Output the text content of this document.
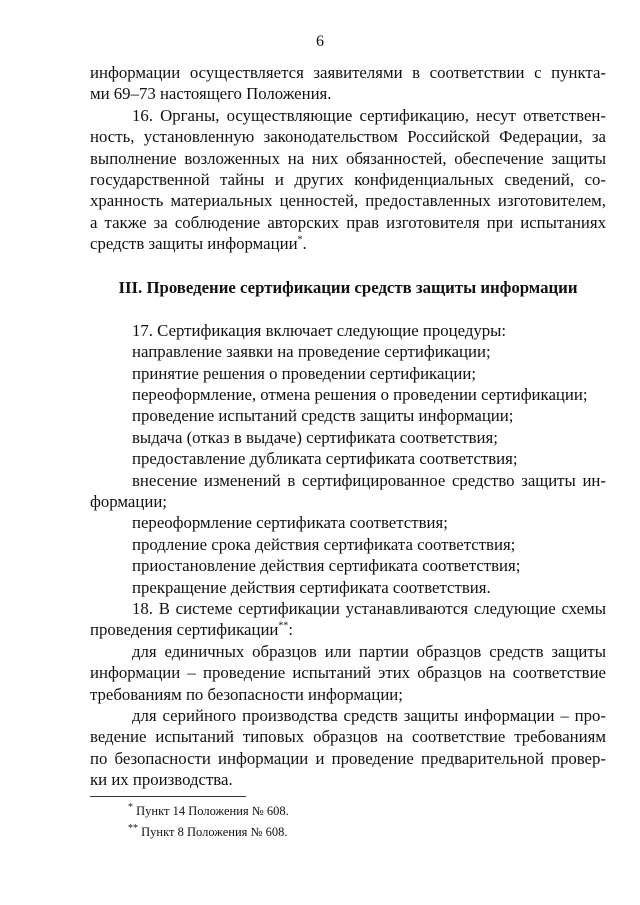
6
информации осуществляется заявителями в соответствии с пункта-
ми 69–73 настоящего Положения.
16. Органы, осуществляющие сертификацию, несут ответствен-
ность, установленную законодательством Российской Федерации, за
выполнение возложенных на них обязанностей, обеспечение защиты
государственной тайны и других конфиденциальных сведений, со-
хранность материальных ценностей, предоставленных изготовителем,
а также за соблюдение авторских прав изготовителя при испытаниях
средств защиты информации*.
III. Проведение сертификации средств защиты информации
17. Сертификация включает следующие процедуры:
направление заявки на проведение сертификации;
принятие решения о проведении сертификации;
переоформление, отмена решения о проведении сертификации;
проведение испытаний средств защиты информации;
выдача (отказ в выдаче) сертификата соответствия;
предоставление дубликата сертификата соответствия;
внесение изменений в сертифицированное средство защиты ин-
формации;
переоформление сертификата соответствия;
продление срока действия сертификата соответствия;
приостановление действия сертификата соответствия;
прекращение действия сертификата соответствия.
18. В системе сертификации устанавливаются следующие схемы
проведения сертификации**:
для единичных образцов или партии образцов средств защиты
информации – проведение испытаний этих образцов на соответствие
требованиям по безопасности информации;
для серийного производства средств защиты информации – про-
ведение испытаний типовых образцов на соответствие требованиям
по безопасности информации и проведение предварительной провер-
ки их производства.
* Пункт 14 Положения № 608.
** Пункт 8 Положения № 608.
